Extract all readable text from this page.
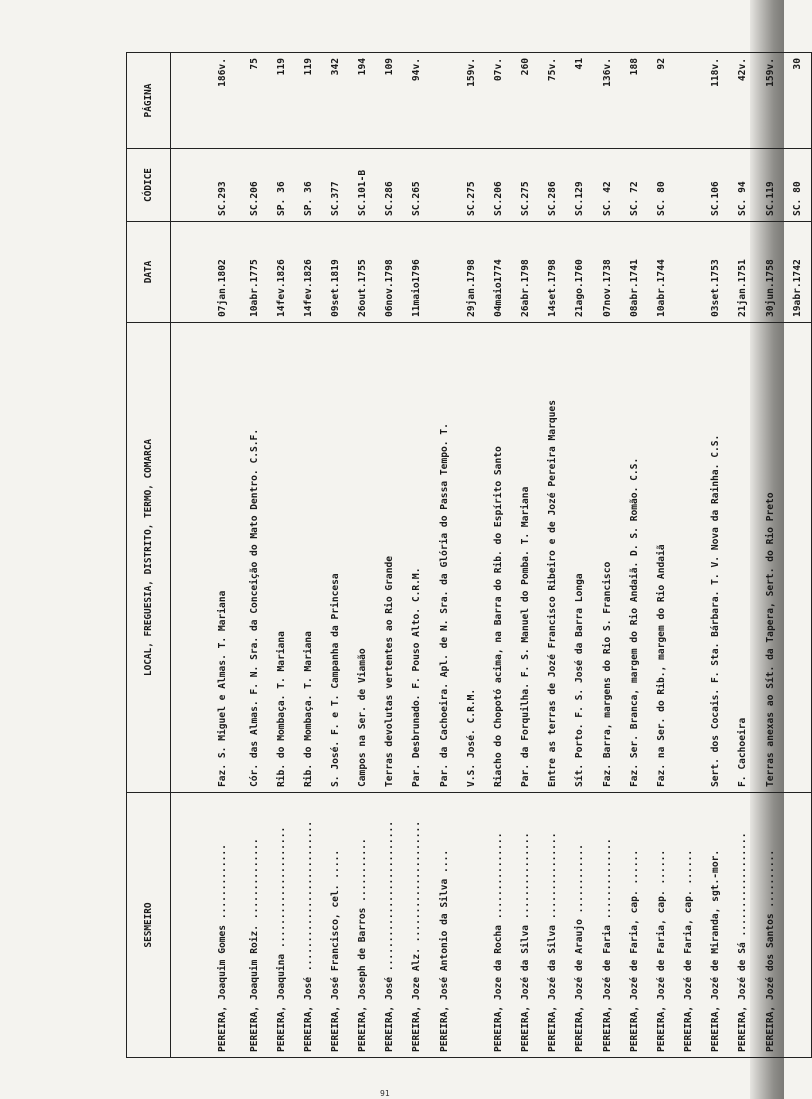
SESMEIRO	LOCAL, FREGUESIA, DISTRITO, TERMO, COMARCA	DATA	CÓDICE	PÁGINA
PEREIRA, Joaquim Gomes .............	Faz. S. Miguel e Almas. T. Mariana	07jan.1802	SC.293	186v.
PEREIRA, Joaquim Roiz. ..............	Cór. das Almas. F. N. Sra. da Conceição do Mato Dentro. C.S.F.	10abr.1775	SC.206	75
PEREIRA, Joaquina .....................	Rib. do Mombaça. T. Mariana	14fev.1826	SP. 36	119
PEREIRA, José ..........................	Rib. do Mombaça. T. Mariana	14fev.1826	SP. 36	119
PEREIRA, José Francisco, cel. .....	S. José. F. e T. Campanha da Princesa	09set.1819	SC.377	342
PEREIRA, Joseph de Barros ...........	Campos na Ser. de Viamão	26out.1755	SC.101-B	194
PEREIRA, José ..........................	Terras devolutas vertentes ao Rio Grande	06nov.1798	SC.286	109
PEREIRA, Joze Alz. .....................	Par. Desbrunado. F. Pouso Alto. C.R.M.	11maio1796	SC.265	94v.
PEREIRA, José Antonio da Silva ....	Par. da Cachoeira. Apl. de N. Sra. da Glória do Passa Tempo. T.			
	V.S. José. C.R.M.	29jan.1798	SC.275	159v.
PEREIRA, Joze da Rocha ...............	Riacho do Chopotó acima, na Barra do Rib. do Espírito Santo	04maio1774	SC.206	07v.
PEREIRA, Jozé da Silva ...............	Par. da Forquilha. F. S. Manuel do Pomba. T. Mariana	26abr.1798	SC.275	260
PEREIRA, Jozé da Silva ...............	Entre as terras de Jozé Francisco Ribeiro e de Jozé Pereira Marques	14set.1798	SC.286	75v.
PEREIRA, Jozé de Araujo ............	Sít. Porto. F. S. José da Barra Longa	21ago.1760	SC.129	41
PEREIRA, Jozé de Faria ..............	Faz. Barra, margens do Rio S. Francisco	07nov.1738	SC. 42	136v.
PEREIRA, Jozé de Faria, cap. ......	Faz. Ser. Branca, margem do Rio Andaiã. D. S. Romão. C.S.	08abr.1741	SC. 72	188
PEREIRA, Jozé de Faria, cap. ......	Faz. na Ser. do Rib., margem do Rio Andaiã	10abr.1744	SC. 80	92
PEREIRA, Jozé de Faria, cap. ......				
PEREIRA, Jozé de Miranda, sgt.-mor.	Sert. dos Cocais. F. Sta. Bárbara. T. V. Nova da Rainha. C.S.	03set.1753	SC.106	118v.
PEREIRA, Jozé de Sá ..................	F. Cachoeira	21jan.1751	SC. 94	42v.
PEREIRA, Jozé dos Santos ..........	Terras anexas ao Sít. da Tapera, Sert. do Rio Preto	30jun.1758	SC.119	159v.
		19abr.1742	SC. 80	30
91
